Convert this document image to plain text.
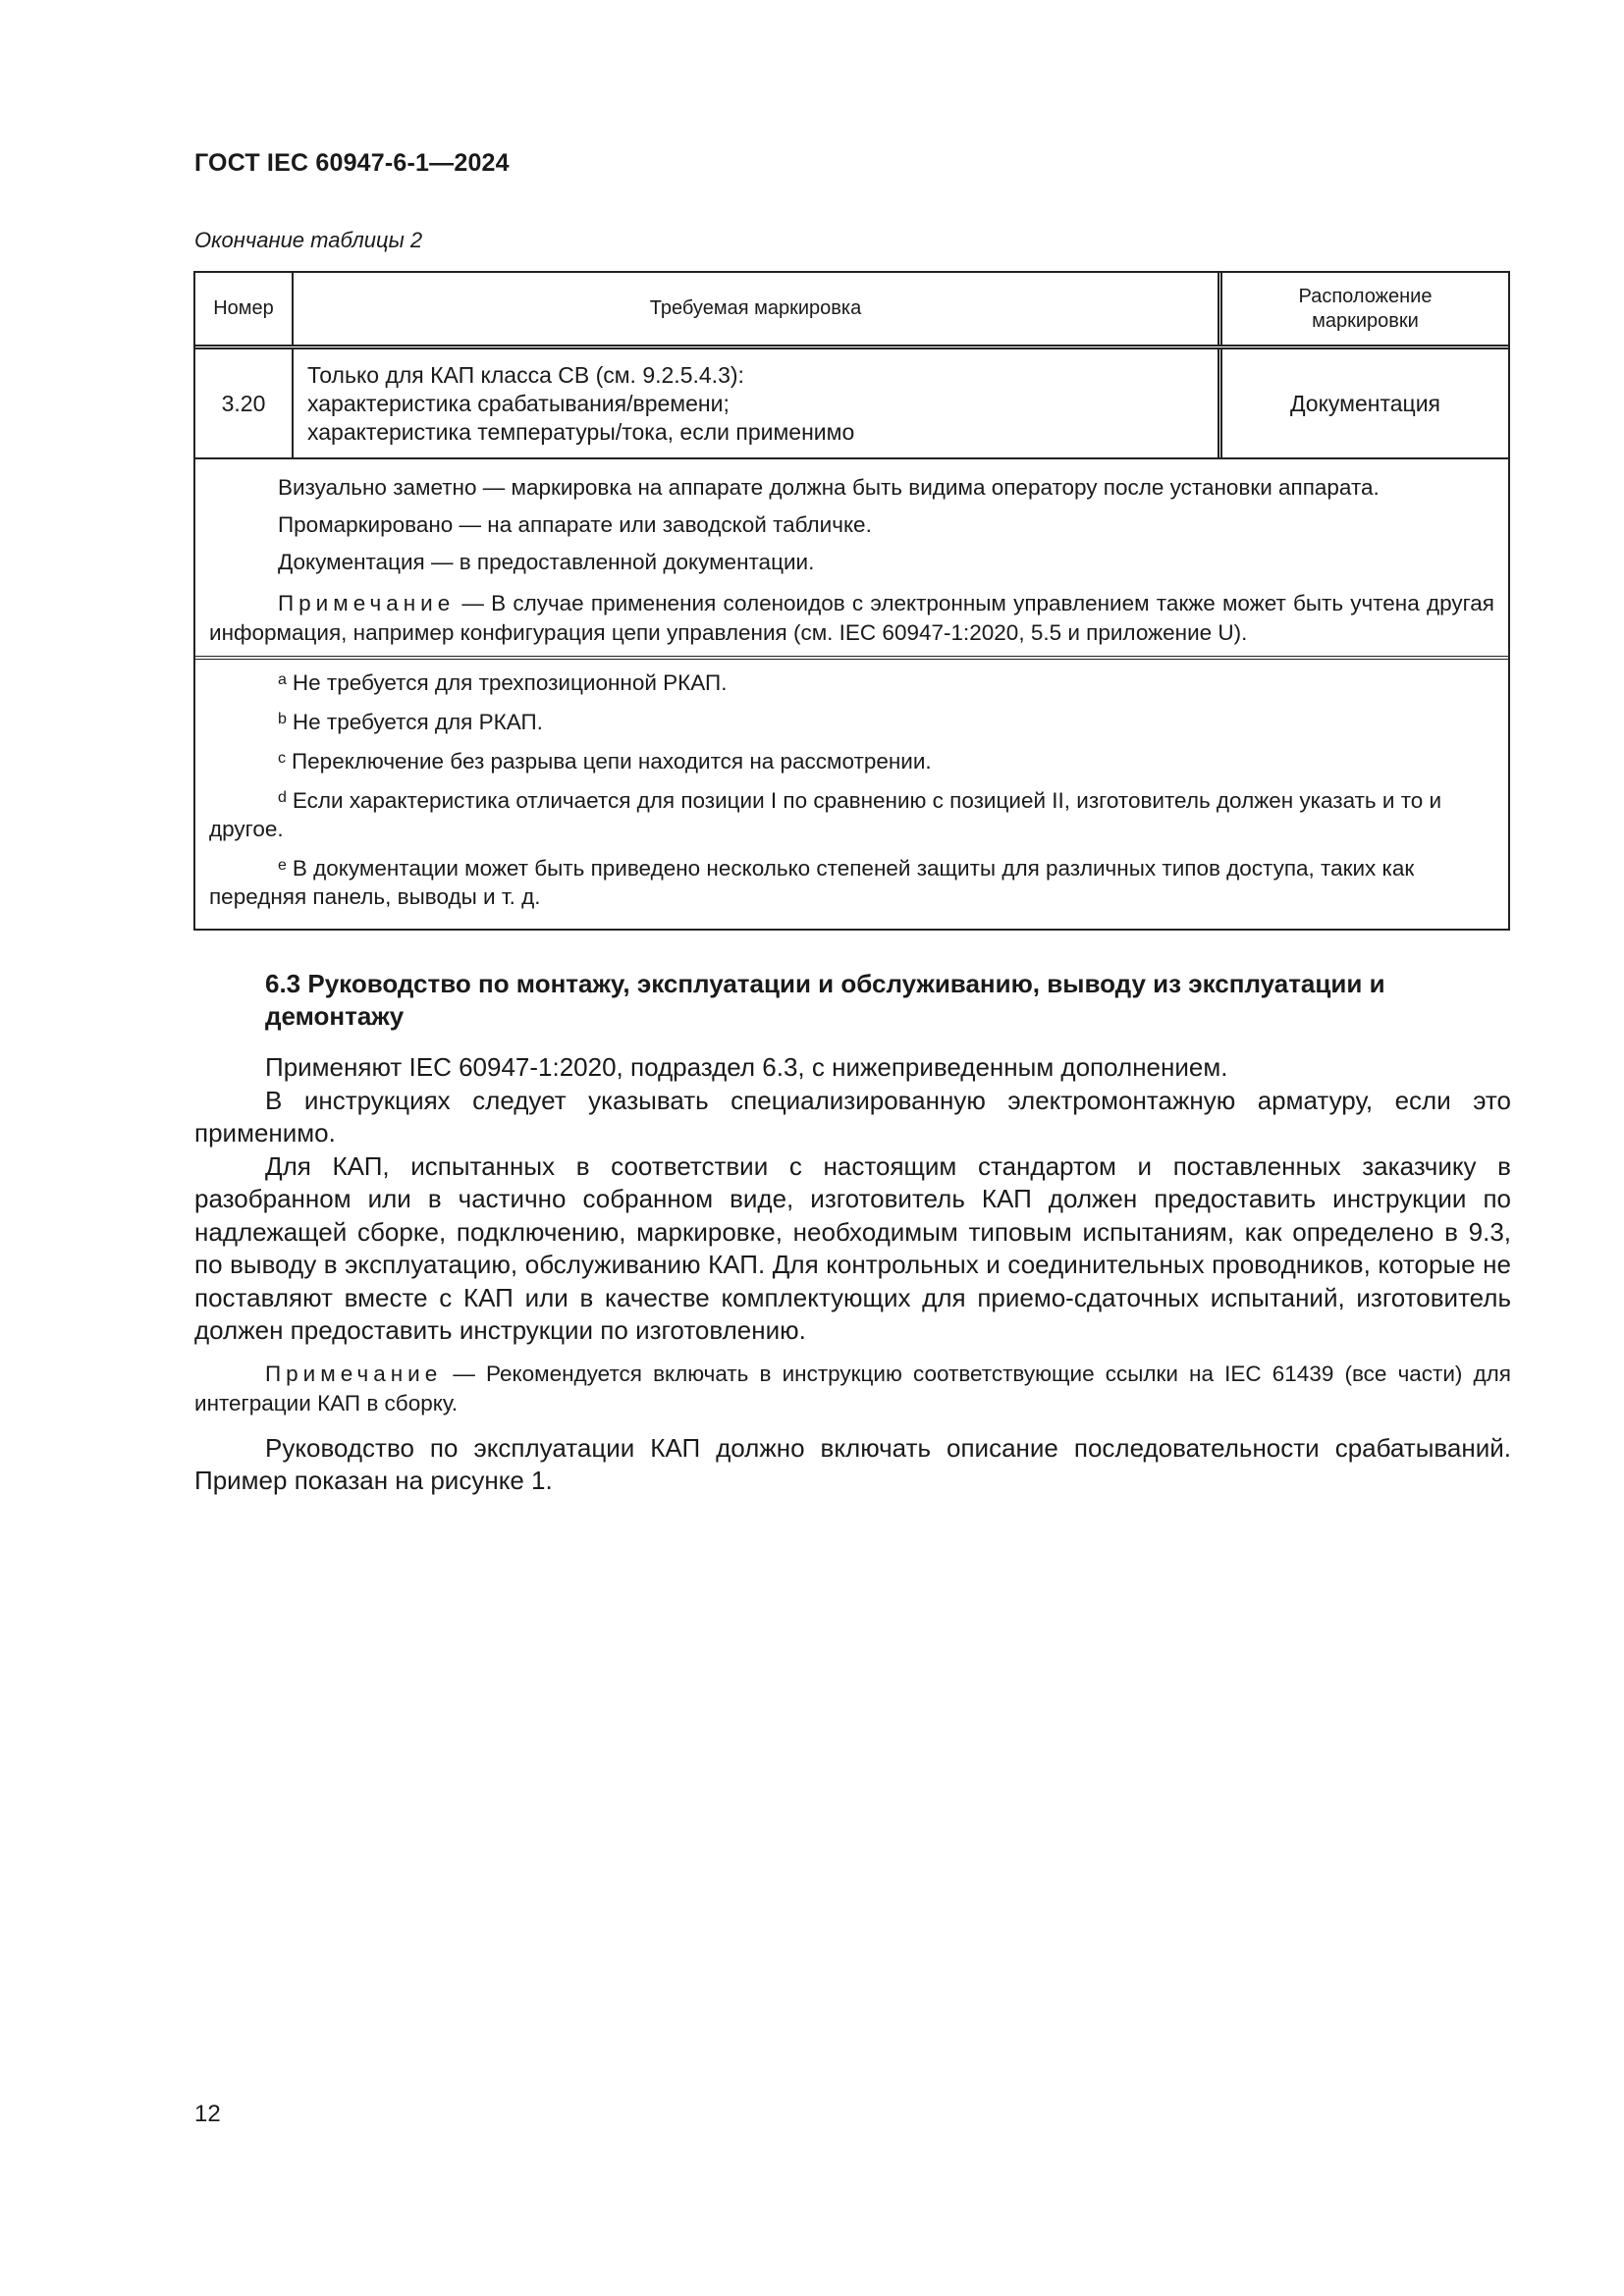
ГОСТ IEC 60947-6-1—2024
Окончание таблицы 2
Номер	Требуемая маркировка
Расположение
маркировки
3.20
Только для КАП класса CB (см. 9.2.5.4.3):
характеристика срабатывания/времени;
характеристика температуры/тока, если применимо
Документация

Визуально заметно — маркировка на аппарате должна быть видима оператору после установки аппарата.

Промаркировано — на аппарате или заводской табличке.

Документация — в предоставленной документации.

Примечание — В случае применения соленоидов с электронным управлением также может быть учтена другая информация, например конфигурация цепи управления (см. IEC 60947-1:2020, 5.5 и приложение U).

$^a$ Не требуется для трехпозиционной РКАП.

$^b$ Не требуется для РКАП.

$^c$ Переключение без разрыва цепи находится на рассмотрении.

$^d$ Если характеристика отличается для позиции I по сравнению с позицией II, изготовитель должен указать и то и другое.

$^e$ В документации может быть приведено несколько степеней защиты для различных типов доступа, таких как передняя панель, выводы и т. д.

6.3 Руководство по монтажу, эксплуатации и обслуживанию, выводу из эксплуатации и демонтажу

Применяют IEC 60947-1:2020, подраздел 6.3, с нижеприведенным дополнением.

В инструкциях следует указывать специализированную электромонтажную арматуру, если это применимо.

Для КАП, испытанных в соответствии с настоящим стандартом и поставленных заказчику в разобранном или в частично собранном виде, изготовитель КАП должен предоставить инструкции по надлежащей сборке, подключению, маркировке, необходимым типовым испытаниям, как определено в 9.3, по выводу в эксплуатацию, обслуживанию КАП. Для контрольных и соединительных проводников, которые не поставляют вместе с КАП или в качестве комплектующих для приемо-сдаточных испытаний, изготовитель должен предоставить инструкции по изготовлению.

Примечание — Рекомендуется включать в инструкцию соответствующие ссылки на IEC 61439 (все части) для интеграции КАП в сборку.

Руководство по эксплуатации КАП должно включать описание последовательности срабатываний. Пример показан на рисунке 1.

12
